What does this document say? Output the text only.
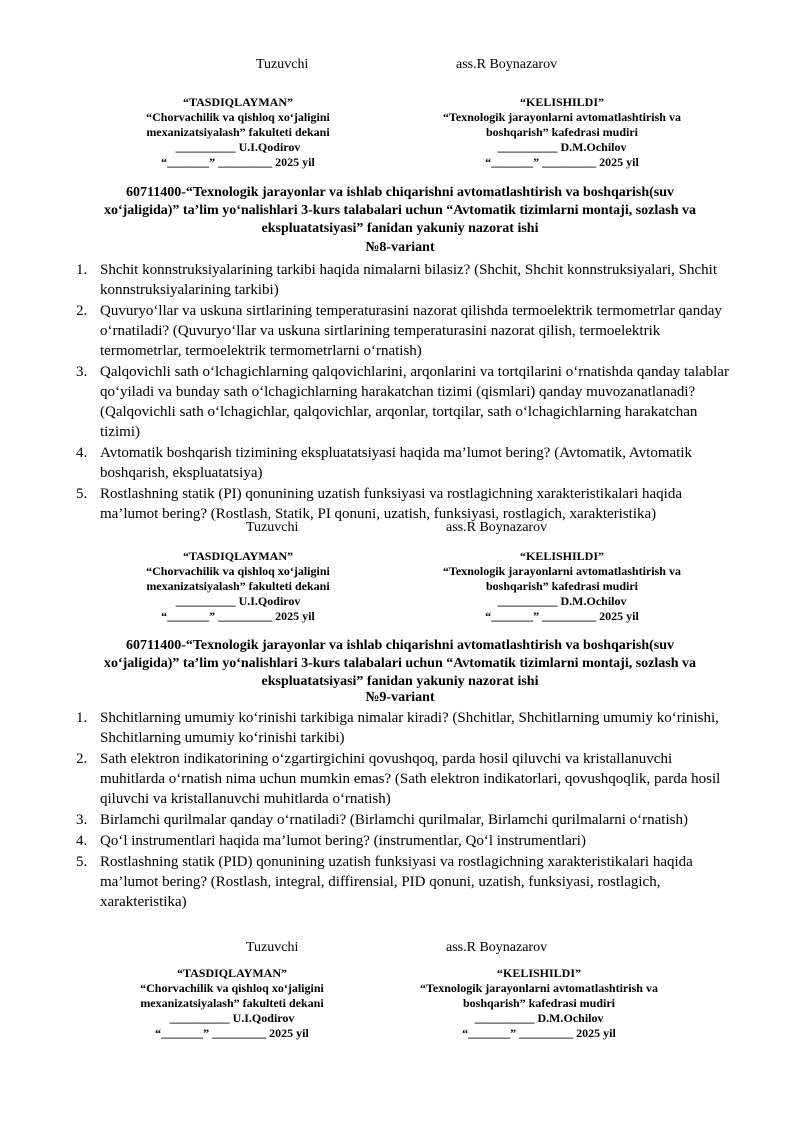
Tuzuvchi	ass.R Boynazarov
“TASDIQLAYMAN”
“Chorvachilik va qishloq xo‘jaligini
mexanizatsiyalash” fakulteti dekani
__________ U.I.Qodirov
“_______” _________ 2025 yil
“KELISHILDI”
“Texnologik jarayonlarni avtomatlashtirish va
boshqarish” kafedrasi mudiri
__________ D.M.Ochilov
“_______” _________ 2025 yil
60711400-“Texnologik jarayonlar va ishlab chiqarishni avtomatlashtirish va boshqarish(suv
xo‘jaligida)” ta’lim yo‘nalishlari 3-kurs talabalari uchun “Avtomatik tizimlarni montaji, sozlash va
ekspluatatsiyasi” fanidan yakuniy nazorat ishi
№8-variant
1. Shchit konnstruksiyalarining tarkibi haqida nimalarni bilasiz? (Shchit, Shchit konnstruksiyalari, Shchit konnstruksiyalarining tarkibi)
2. Quvuryo‘llar va uskuna sirtlarining temperaturasini nazorat qilishda termoelektrik termometrlar qanday o‘rnatiladi? (Quvuryo‘llar va uskuna sirtlarining temperaturasini nazorat qilish, termoelektrik termometrlar, termoelektrik termometrlarni o‘rnatish)
3. Qalqovichli sath o‘lchagichlarning qalqovichlarini, arqonlarini va tortqilarini o‘rnatishda qanday talablar qo‘yiladi va bunday sath o‘lchagichlarning harakatchan tizimi (qismlari) qanday muvozanatlanadi? (Qalqovichli sath o‘lchagichlar, qalqovichlar, arqonlar, tortqilar, sath o‘lchagichlarning harakatchan tizimi)
4. Avtomatik boshqarish tizimining ekspluatatsiyasi haqida ma’lumot bering? (Avtomatik, Avtomatik boshqarish, ekspluatatsiya)
5. Rostlashning statik (PI) qonunining uzatish funksiyasi va rostlagichning xarakteristikalari haqida ma’lumot bering? (Rostlash, Statik, PI qonuni, uzatish, funksiyasi, rostlagich, xarakteristika)
Tuzuvchi	ass.R Boynazarov
“TASDIQLAYMAN”
“Chorvachilik va qishloq xo‘jaligini
mexanizatsiyalash” fakulteti dekani
__________ U.I.Qodirov
“_______” _________ 2025 yil
“KELISHILDI”
“Texnologik jarayonlarni avtomatlashtirish va
boshqarish” kafedrasi mudiri
__________ D.M.Ochilov
“_______” _________ 2025 yil
60711400-“Texnologik jarayonlar va ishlab chiqarishni avtomatlashtirish va boshqarish(suv
xo‘jaligida)” ta’lim yo‘nalishlari 3-kurs talabalari uchun “Avtomatik tizimlarni montaji, sozlash va
ekspluatatsiyasi” fanidan yakuniy nazorat ishi
№9-variant
1. Shchitlarning umumiy ko‘rinishi tarkibiga nimalar kiradi? (Shchitlar, Shchitlarning umumiy ko‘rinishi, Shchitlarning umumiy ko‘rinishi tarkibi)
2. Sath elektron indikatorining o‘zgartirgichini qovushqoq, parda hosil qiluvchi va kristallanuvchi muhitlarda o‘rnatish nima uchun mumkin emas? (Sath elektron indikatorlari, qovushqoqlik, parda hosil qiluvchi va kristallanuvchi muhitlarda o‘rnatish)
3. Birlamchi qurilmalar qanday o‘rnatiladi? (Birlamchi qurilmalar, Birlamchi qurilmalarni o‘rnatish)
4. Qo‘l instrumentlari haqida ma’lumot bering? (instrumentlar, Qo‘l instrumentlari)
5. Rostlashning statik (PID) qonunining uzatish funksiyasi va rostlagichning xarakteristikalari haqida ma’lumot bering? (Rostlash, integral, diffirensial, PID qonuni, uzatish, funksiyasi, rostlagich, xarakteristika)
Tuzuvchi	ass.R Boynazarov
“TASDIQLAYMAN”
“Chorvachilik va qishloq xo‘jaligini
mexanizatsiyalash” fakulteti dekani
__________ U.I.Qodirov
“_______” _________ 2025 yil
“KELISHILDI”
“Texnologik jarayonlarni avtomatlashtirish va
boshqarish” kafedrasi mudiri
__________ D.M.Ochilov
“_______” _________ 2025 yil
